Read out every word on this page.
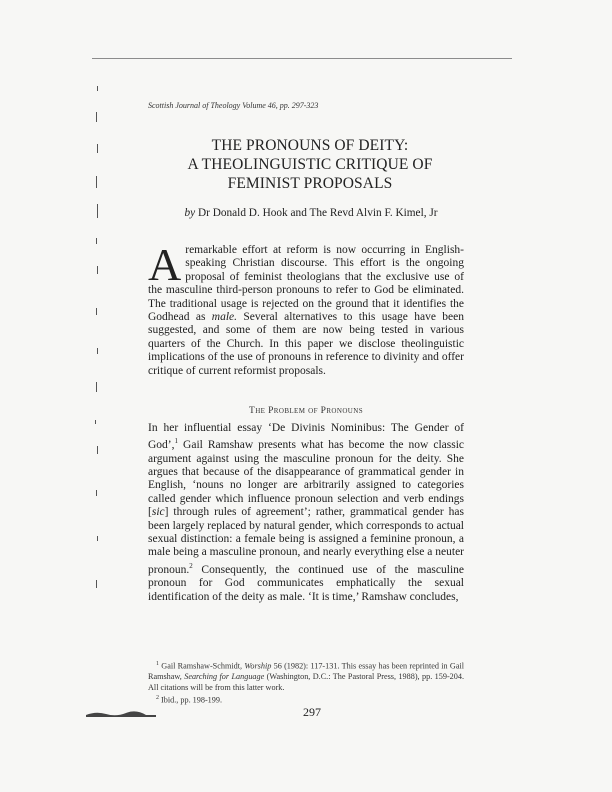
Scottish Journal of Theology Volume 46, pp. 297-323
THE PRONOUNS OF DEITY:
A THEOLINGUISTIC CRITIQUE OF
FEMINIST PROPOSALS
by Dr Donald D. Hook and The Revd Alvin F. Kimel, Jr
Aremarkable effort at reform is now occurring in English-speaking Christian discourse. This effort is the ongoing proposal of feminist theologians that the exclusive use of the masculine third-person pronouns to refer to God be eliminated. The traditional usage is rejected on the ground that it identifies the Godhead as male. Several alternatives to this usage have been suggested, and some of them are now being tested in various quarters of the Church. In this paper we disclose theolinguistic implications of the use of pronouns in reference to divinity and offer critique of current reformist proposals.
The Problem of Pronouns
In her influential essay ‘De Divinis Nominibus: The Gender of God’,$^1$ Gail Ramshaw presents what has become the now classic argument against using the masculine pronoun for the deity. She argues that because of the disappearance of grammatical gender in English, ‘nouns no longer are arbitrarily assigned to categories called gender which influence pronoun selection and verb endings [sic] through rules of agreement’; rather, grammatical gender has been largely replaced by natural gender, which corresponds to actual sexual distinction: a female being is assigned a feminine pronoun, a male being a masculine pronoun, and nearly everything else a neuter pronoun.$^2$ Consequently, the continued use of the masculine pronoun for God communicates emphatically the sexual identification of the deity as male. ‘It is time,’ Ramshaw concludes,
$^1$ Gail Ramshaw-Schmidt, Worship 56 (1982): 117-131. This essay has been reprinted in Gail Ramshaw, Searching for Language (Washington, D.C.: The Pastoral Press, 1988), pp. 159-204. All citations will be from this latter work.
$^2$ Ibid., pp. 198-199.
297
